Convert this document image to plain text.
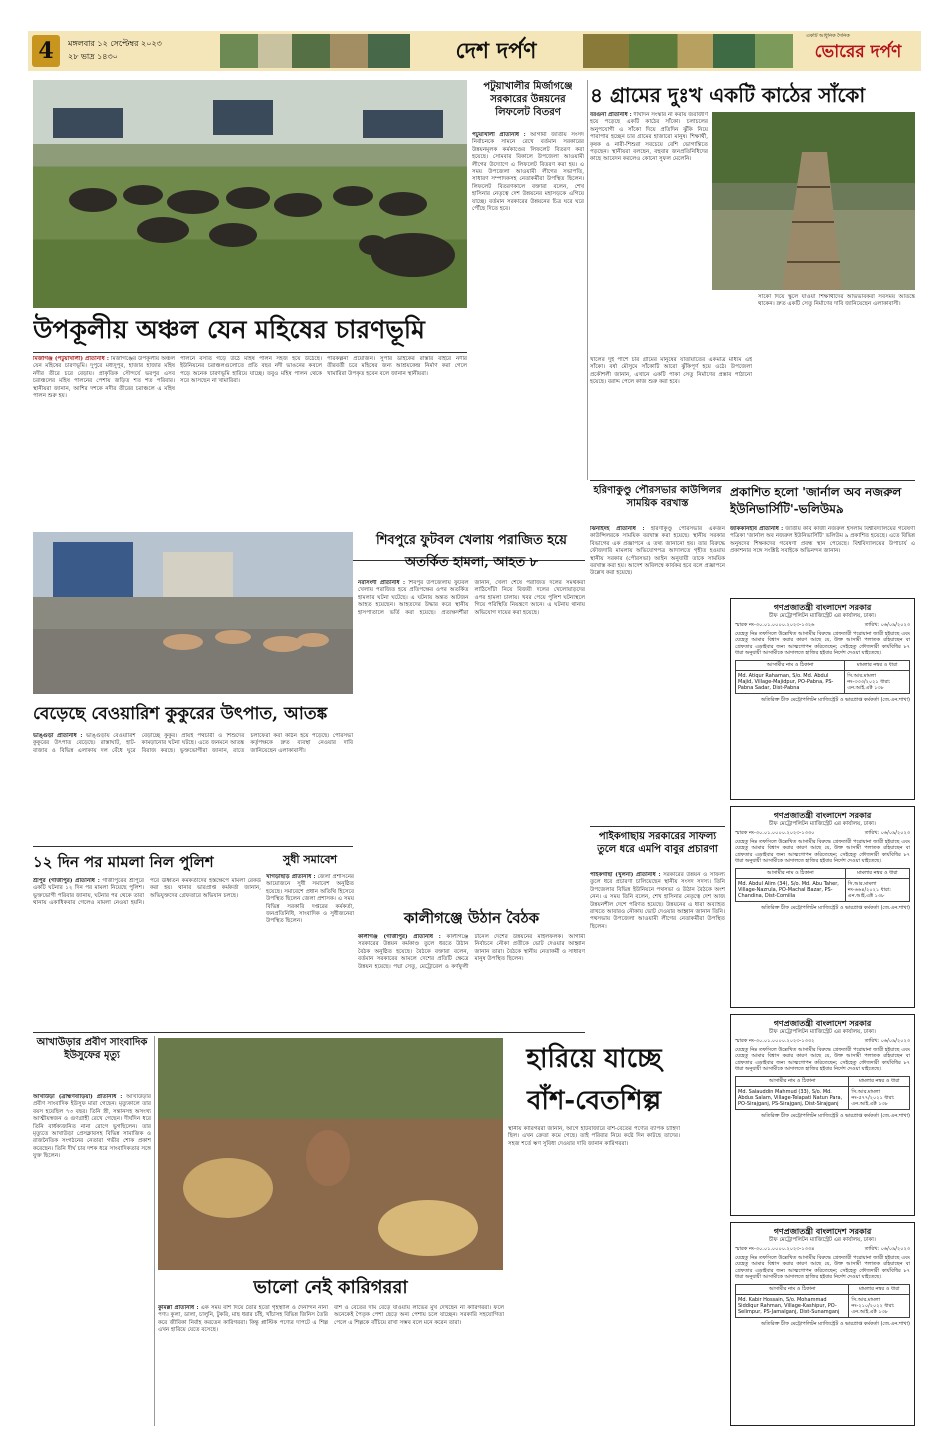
4	মঙ্গলবার ১২ সেপ্টেম্বর ২০২৩
২৮ ভাদ্র ১৪৩০	দেশ দর্পণ
একটি আধুনিক দৈনিক
ভোরের দর্পণ
উপকূলীয় অঞ্চল যেন মহিষের চারণভূমি
মির্জাগঞ্জ (পটুয়াখালী) প্রতিনিধি : মির্জাগঞ্জের উপকূলীয় অঞ্চল যেন মহিষের চারণভূমি। দুপুরে মধ্যদুপুর, হাজার হাজার মহিষ নদীর তীরে চরে বেড়ায়। প্রাকৃতিক সৌন্দর্যে ভরপুর এসব চরাঞ্চলের মহিষ পালনের পেশায় জড়িত শত শত পরিবার। স্থানীয়রা জানান, আশির দশকে নদীর তীরের চরাঞ্চলে এ মহিষ পালন শুরু হয়।
পালনে বসতি গড়ে উঠে মহিষ পালন সহজ হয়ে উঠেছে। ইউনিয়নের চরাঞ্চলগুলোতে প্রতি বছর নদী ভাঙনের কবলে পড়ে অনেক চারণভূমি হারিয়ে যাচ্ছে। তবুও মহিষ পালন থেকে সরে আসছেন না খামারিরা।
পরিকল্পনা প্রয়োজন। সুপার ডাইকের রাস্তার বাইরে নদীর তীরবর্তী চরে মহিষের জন্য আশ্রয়কেন্দ্র নির্মাণ করা গেলে খামারিরা উপকৃত হবেন বলে জানান স্থানীয়রা।
পটুয়াখালীর মির্জাগঞ্জে সরকারের উন্নয়নের লিফলেট বিতরণ
পটুয়াখালী প্রতিনিধি : আগামী জাতীয় সংসদ নির্বাচনকে সামনে রেখে বর্তমান সরকারের উন্নয়নমূলক কর্মকাণ্ডের লিফলেট বিতরণ করা হয়েছে। সোমবার বিকালে উপজেলা আওয়ামী লীগের উদ্যোগে এ লিফলেট বিতরণ করা হয়। এ সময় উপজেলা আওয়ামী লীগের সভাপতি, সাধারণ সম্পাদকসহ নেতাকর্মীরা উপস্থিত ছিলেন। লিফলেট বিতরণকালে বক্তারা বলেন, শেখ হাসিনার নেতৃত্বে দেশ উন্নয়নের মহাসড়কে এগিয়ে যাচ্ছে। বর্তমান সরকারের উন্নয়নের চিত্র ঘরে ঘরে পৌঁছে দিতে হবে।
৪ গ্রামের দুঃখ একটি কাঠের সাঁকো
বরগুনা প্রতিনিধি : দীর্ঘদিন সংস্কার না করায় জরাজীর্ণ হয়ে পড়েছে একটি কাঠের সাঁকো। চলাচলের অনুপযোগী এ সাঁকো দিয়ে প্রতিদিন ঝুঁকি নিয়ে পারাপার হচ্ছেন চার গ্রামের হাজারো মানুষ। শিক্ষার্থী, কৃষক ও নারী-শিশুরা সবচেয়ে বেশি ভোগান্তিতে পড়ছেন। স্থানীয়রা বলছেন, বহুবার জনপ্রতিনিধিদের কাছে আবেদন করলেও কোনো সুফল মেলেনি।
খালের দুই পাশে চার গ্রামের মানুষের যাতায়াতের একমাত্র মাধ্যম এই সাঁকো। বর্ষা মৌসুমে সাঁকোটি আরো ঝুঁকিপূর্ণ হয়ে ওঠে। উপজেলা প্রকৌশলী জানান, এখানে একটি পাকা সেতু নির্মাণের প্রস্তাব পাঠানো হয়েছে। বরাদ্দ পেলে কাজ শুরু করা হবে।
সাঁকো দিয়ে স্কুলে যাওয়া শিক্ষার্থীদের অভিভাবকরা সবসময় আতঙ্কে থাকেন। দ্রুত একটি সেতু নির্মাণের দাবি জানিয়েছেন এলাকাবাসী।
হরিণাকুণ্ডু পৌরসভার কাউন্সিলর সাময়িক বরখাস্ত
ঝিনাইদহ প্রতিনিধি : হরিণাকুণ্ডু পৌরসভার একজন কাউন্সিলরকে সাময়িক বরখাস্ত করা হয়েছে। স্থানীয় সরকার বিভাগের এক প্রজ্ঞাপনে এ তথ্য জানানো হয়। তার বিরুদ্ধে ফৌজদারি মামলায় অভিযোগপত্র আদালতে গৃহীত হওয়ায় স্থানীয় সরকার (পৌরসভা) আইন অনুযায়ী তাকে সাময়িক বরখাস্ত করা হয়। আদেশ অবিলম্বে কার্যকর হবে বলে প্রজ্ঞাপনে উল্লেখ করা হয়েছে।
প্রকাশিত হলো 'জার্নাল অব নজরুল ইউনিভার্সিটি'-ভলিউম৯
জাককানইবি প্রতিনিধি : জাতীয় কবি কাজী নজরুল ইসলাম বিশ্ববিদ্যালয়ের গবেষণা পত্রিকা 'জার্নাল অব নজরুল ইউনিভার্সিটি' ভলিউম ৯ প্রকাশিত হয়েছে। এতে বিভিন্ন অনুষদের শিক্ষকদের গবেষণা প্রবন্ধ স্থান পেয়েছে। বিশ্ববিদ্যালয়ের উপাচার্য এ প্রকাশনার সঙ্গে সংশ্লিষ্ট সবাইকে অভিনন্দন জানান।
পাইকগাছায় সরকারের সাফল্য তুলে ধরে এমপি বাবুর প্রচারণা
পাইকগাছা (খুলনা) প্রতিনিধি : সরকারের উন্নয়ন ও সাফল্য তুলে ধরে প্রচারণা চালিয়েছেন স্থানীয় সংসদ সদস্য। তিনি উপজেলার বিভিন্ন ইউনিয়নে পথসভা ও উঠান বৈঠকে অংশ নেন। এ সময় তিনি বলেন, শেখ হাসিনার নেতৃত্বে দেশ আজ উন্নয়নশীল দেশে পরিণত হয়েছে। উন্নয়নের এ ধারা অব্যাহত রাখতে আবারও নৌকায় ভোট দেওয়ার আহ্বান জানান তিনি। পথসভায় উপজেলা আওয়ামী লীগের নেতাকর্মীরা উপস্থিত ছিলেন।
বেড়েছে বেওয়ারিশ কুকুরের উৎপাত, আতঙ্ক
ভাঙ্গুড়া প্রতিনিধি : ভাঙ্গুড়ায় বেওয়ারিশ কুকুরের উৎপাত বেড়েছে। রাস্তাঘাট, হাট-বাজার ও বিভিন্ন এলাকায় দল বেঁধে ঘুরে বেড়াচ্ছে কুকুর। প্রায়ই পথচারী ও শিশুদের কামড়ানোর ঘটনা ঘটছে। এতে জনমনে আতঙ্ক বিরাজ করছে। ভুক্তভোগীরা জানান, রাতে চলাফেরা করা কঠিন হয়ে পড়েছে। পৌরসভা কর্তৃপক্ষকে দ্রুত ব্যবস্থা নেওয়ার দাবি জানিয়েছেন এলাকাবাসী।
শিবপুরে ফুটবল খেলায় পরাজিত হয়ে অতর্কিত হামলা, আহত ৮
নরসিংদী প্রতিনিধি : শিবপুর উপজেলায় ফুটবল খেলায় পরাজিত হয়ে প্রতিপক্ষের ওপর অতর্কিত হামলার ঘটনা ঘটেছে। এ ঘটনায় অন্তত আটজন আহত হয়েছেন। আহতদের উদ্ধার করে স্থানীয় হাসপাতালে ভর্তি করা হয়েছে। প্রত্যক্ষদর্শীরা জানান, খেলা শেষে পরাজিত দলের সমর্থকরা লাঠিসোঁটা নিয়ে বিজয়ী দলের খেলোয়াড়দের ওপর হামলা চালায়। খবর পেয়ে পুলিশ ঘটনাস্থলে গিয়ে পরিস্থিতি নিয়ন্ত্রণে আনে। এ ঘটনায় থানায় অভিযোগ দায়ের করা হয়েছে।
১২ দিন পর মামলা নিল পুলিশ
শ্রীপুর (গাজীপুর) প্রতিনিধি : গাজীপুরের শ্রীপুরে একটি ঘটনার ১২ দিন পর মামলা নিয়েছে পুলিশ। ভুক্তভোগী পরিবার জানায়, ঘটনার পর থেকে তারা থানায় একাধিকবার গেলেও মামলা নেওয়া হয়নি। পরে ঊর্ধ্বতন কর্মকর্তাদের হস্তক্ষেপে মামলা রেকর্ড করা হয়। থানার ভারপ্রাপ্ত কর্মকর্তা জানান, অভিযুক্তদের গ্রেফতারে অভিযান চলছে।
সুধী সমাবেশ
খাগড়াছড়ি প্রতিনিধি : জেলা প্রশাসনের আয়োজনে সুধী সমাবেশ অনুষ্ঠিত হয়েছে। সমাবেশে প্রধান অতিথি হিসেবে উপস্থিত ছিলেন জেলা প্রশাসক। এ সময় বিভিন্ন সরকারি দপ্তরের কর্মকর্তা, জনপ্রতিনিধি, সাংবাদিক ও সুধীজনেরা উপস্থিত ছিলেন।	কালীগঞ্জে উঠান বৈঠক
কালীগঞ্জ (গাজীপুর) প্রতিনিধি : কালীগঞ্জে সরকারের উন্নয়ন কর্মকাণ্ড তুলে ধরতে উঠান বৈঠক অনুষ্ঠিত হয়েছে। বৈঠকে বক্তারা বলেন, বর্তমান সরকারের আমলে দেশের প্রতিটি ক্ষেত্রে উন্নয়ন হয়েছে। পদ্মা সেতু, মেট্রোরেল ও কর্ণফুলী টানেল দেশের উন্নয়নের মাইলফলক। আগামী নির্বাচনে নৌকা প্রতীকে ভোট দেওয়ার আহ্বান জানান তারা। বৈঠকে স্থানীয় নেতাকর্মী ও সাধারণ মানুষ উপস্থিত ছিলেন।
আখাউড়ার প্রবীণ সাংবাদিক ইউসুফের মৃত্যু
আখাউড়া (ব্রাহ্মণবাড়িয়া) প্রতিনিধি : আখাউড়ার প্রবীণ সাংবাদিক ইউসুফ মারা গেছেন। মৃত্যুকালে তার বয়স হয়েছিল ৭৩ বছর। তিনি স্ত্রী, সন্তানসহ অসংখ্য আত্মীয়স্বজন ও গুণগ্রাহী রেখে গেছেন। দীর্ঘদিন ধরে তিনি বার্ধক্যজনিত নানা রোগে ভুগছিলেন। তার মৃত্যুতে আখাউড়া প্রেসক্লাবসহ বিভিন্ন সামাজিক ও রাজনৈতিক সংগঠনের নেতারা গভীর শোক প্রকাশ করেছেন। তিনি দীর্ঘ চার দশক ধরে সাংবাদিকতার সঙ্গে যুক্ত ছিলেন।
হারিয়ে যাচ্ছে
বাঁশ-বেতশিল্প
স্থানীয় কারিগররা জানান, আগে হাটবাজারে বাঁশ-বেতের পণ্যের ব্যাপক চাহিদা ছিল। এখন ক্রেতা কমে গেছে। তাই পরিবার নিয়ে কষ্টে দিন কাটছে তাদের। সহজ শর্তে ঋণ সুবিধা দেওয়ার দাবি জানান কারিগররা।
ভালো নেই কারিগররা
কুমিল্লা প্রতিনিধি : এক সময় বাঁশ দিয়ে তৈরি হতো গৃহস্থালি ও দৈনন্দিন নানা পণ্য। কুলা, ডালা, চালুনি, টুকরি, মাছ ধরার চাঁই, খাঁচাসহ বিভিন্ন জিনিস তৈরি করে জীবিকা নির্বাহ করতেন কারিগররা। কিন্তু প্লাস্টিক পণ্যের দাপটে এ শিল্প এখন হারিয়ে যেতে বসেছে।
বাঁশ ও বেতের দাম বেড়ে যাওয়ায় লাভের মুখ দেখছেন না কারিগররা। ফলে অনেকেই পৈতৃক পেশা ছেড়ে অন্য পেশায় চলে যাচ্ছেন। সরকারি সহযোগিতা পেলে এ শিল্পকে বাঁচিয়ে রাখা সম্ভব বলে মনে করেন তারা।
গণপ্রজাতন্ত্রী বাংলাদেশ সরকার
চীফ মেট্রোপলিটন ম্যাজিস্ট্রেট এর কার্যালয়, ঢাকা।
স্মারক নং-৩০.০১.০০০০.২০২৩-১৩২৬	তারিখ: ০৬/০৯/২০২৩
যেহেতু নিম্ন তফসিলে উল্লেখিত আসামীর বিরুদ্ধে গ্রেফতারী পরোয়ানা জারী হইয়াছে এবং যেহেতু আমার বিশ্বাস করার কারণ আছে যে, উক্ত আসামী পলাতক রহিয়াছেন বা গ্রেফতার এড়াইবার জন্য আত্মগোপন করিতেছেন; সেইহেতু ফৌজদারী কার্যবিধির ৮৭ ধারা অনুযায়ী আসামীকে আদালতে হাজির হইবার নির্দেশ দেওয়া যাইতেছে।
আসামীর নাম ও ঠিকানা	মামলার নম্বর ও ধারা
Md. Atiqur Rahaman, S/o. Md. Abdul Majid, Village-Majidpur, PO-Pabna, PS-Pabna Sadar, Dist-Pabna	সি.আর.মামলা নং-৩৩৩/২০২১ ধারা: এন.আই.এক্ট ১৩৮
অতিরিক্ত চীফ মেট্রোপলিটন ম্যাজিস্ট্রেট ও ভারপ্রাপ্ত কর্মকর্তা (জে.এন.শাখা)
গণপ্রজাতন্ত্রী বাংলাদেশ সরকার
চীফ মেট্রোপলিটন ম্যাজিস্ট্রেট এর কার্যালয়, ঢাকা।
স্মারক নং-৩০.০১.০০০০.২০২৩-১৩৩০	তারিখ: ০৬/০৯/২০২৩
যেহেতু নিম্ন তফসিলে উল্লেখিত আসামীর বিরুদ্ধে গ্রেফতারী পরোয়ানা জারী হইয়াছে এবং যেহেতু আমার বিশ্বাস করার কারণ আছে যে, উক্ত আসামী পলাতক রহিয়াছেন বা গ্রেফতার এড়াইবার জন্য আত্মগোপন করিতেছেন; সেইহেতু ফৌজদারী কার্যবিধির ৮৭ ধারা অনুযায়ী আসামীকে আদালতে হাজির হইবার নির্দেশ দেওয়া যাইতেছে।
আসামীর নাম ও ঠিকানা	মামলার নম্বর ও ধারা
Md. Abdul Alim (34), S/o. Md. Abu Taher, Village-Nazrula, PO-Machal Bazar, PS-Chandina, Dist-Comilla	সি.আর.মামলা নং-৬৬৪/২০২১ ধারা: এন.আই.এক্ট ১৩৮
অতিরিক্ত চীফ মেট্রোপলিটন ম্যাজিস্ট্রেট ও ভারপ্রাপ্ত কর্মকর্তা (জে.এন.শাখা)
গণপ্রজাতন্ত্রী বাংলাদেশ সরকার
চীফ মেট্রোপলিটন ম্যাজিস্ট্রেট এর কার্যালয়, ঢাকা।
স্মারক নং-৩০.০১.০০০০.২০২৩-১৩৩২	তারিখ: ০৬/০৯/২০২৩
যেহেতু নিম্ন তফসিলে উল্লেখিত আসামীর বিরুদ্ধে গ্রেফতারী পরোয়ানা জারী হইয়াছে এবং যেহেতু আমার বিশ্বাস করার কারণ আছে যে, উক্ত আসামী পলাতক রহিয়াছেন বা গ্রেফতার এড়াইবার জন্য আত্মগোপন করিতেছেন; সেইহেতু ফৌজদারী কার্যবিধির ৮৭ ধারা অনুযায়ী আসামীকে আদালতে হাজির হইবার নির্দেশ দেওয়া যাইতেছে।
আসামীর নাম ও ঠিকানা	মামলার নম্বর ও ধারা
Md. Salauddin Mahmud (33), S/o. Md. Abdus Salam, Village-Telapati Natun Para, PO-Sirajganj, PS-Sirajganj, Dist-Sirajganj	সি.আর.মামলা নং-৫৭৭/২০২১ ধারা: এন.আই.এক্ট ১৩৮
অতিরিক্ত চীফ মেট্রোপলিটন ম্যাজিস্ট্রেট ও ভারপ্রাপ্ত কর্মকর্তা (জে.এন.শাখা)
গণপ্রজাতন্ত্রী বাংলাদেশ সরকার
চীফ মেট্রোপলিটন ম্যাজিস্ট্রেট এর কার্যালয়, ঢাকা।
স্মারক নং-৩০.০১.০০০০.২০২৩-১৩৩৪	তারিখ: ০৬/০৯/২০২৩
যেহেতু নিম্ন তফসিলে উল্লেখিত আসামীর বিরুদ্ধে গ্রেফতারী পরোয়ানা জারী হইয়াছে এবং যেহেতু আমার বিশ্বাস করার কারণ আছে যে, উক্ত আসামী পলাতক রহিয়াছেন বা গ্রেফতার এড়াইবার জন্য আত্মগোপন করিতেছেন; সেইহেতু ফৌজদারী কার্যবিধির ৮৭ ধারা অনুযায়ী আসামীকে আদালতে হাজির হইবার নির্দেশ দেওয়া যাইতেছে।
আসামীর নাম ও ঠিকানা	মামলার নম্বর ও ধারা
Md. Kabir Hossain, S/o. Mohammad Siddiqur Rahman, Village-Kashipur, PO-Selimpur, PS-Jamalganj, Dist-Sunamganj	সি.আর.মামলা নং-২১০/২০২২ ধারা: এন.আই.এক্ট ১৩৮
অতিরিক্ত চীফ মেট্রোপলিটন ম্যাজিস্ট্রেট ও ভারপ্রাপ্ত কর্মকর্তা (জে.এন.শাখা)
